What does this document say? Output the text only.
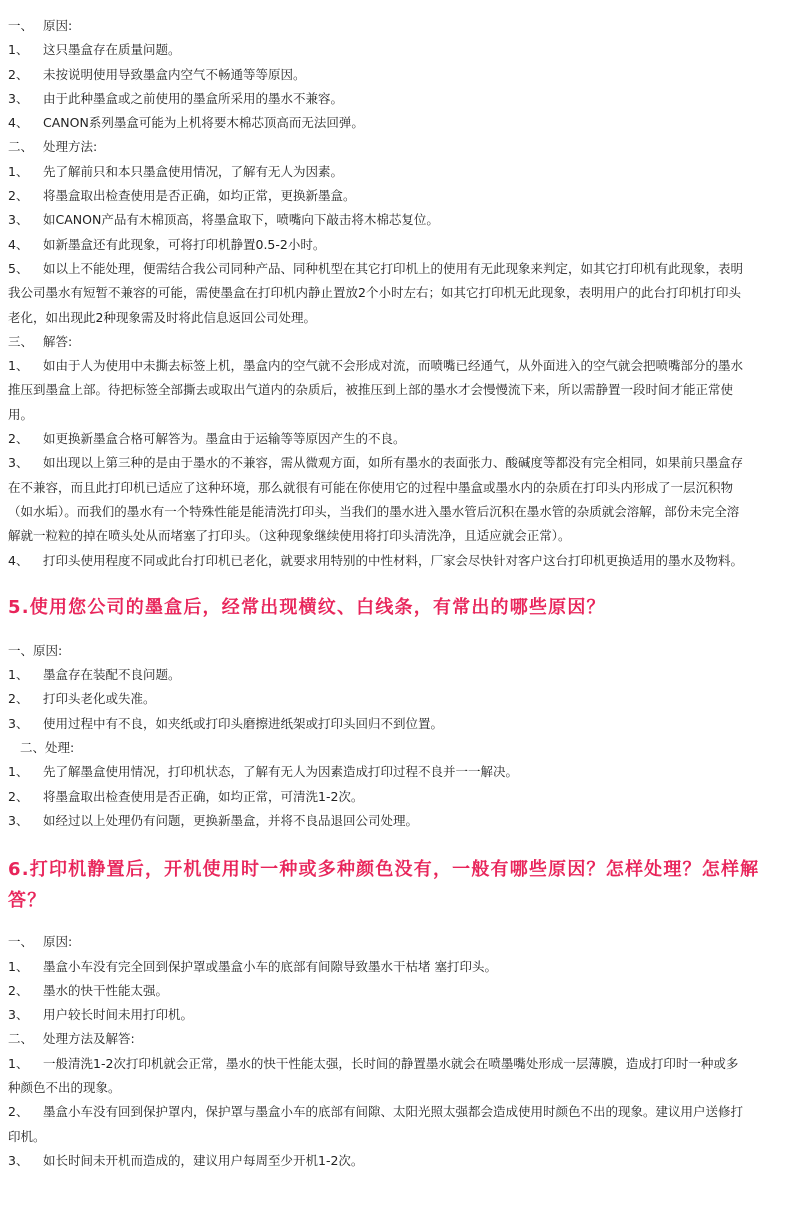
一、 原因:
1、	这只墨盒存在质量问题。
2、	未按说明使用导致墨盒内空气不畅通等等原因。
3、	由于此种墨盒或之前使用的墨盒所采用的墨水不兼容。
4、	CANON系列墨盒可能为上机将要木棉芯顶高而无法回弹。
二、 处理方法:
1、	先了解前只和本只墨盒使用情况，了解有无人为因素。
2、	将墨盒取出检查使用是否正确，如均正常，更换新墨盒。
3、	如CANON产品有木棉顶高，将墨盒取下，喷嘴向下敲击将木棉芯复位。
4、	如新墨盒还有此现象，可将打印机静置0.5-2小时。
5、	如以上不能处理，便需结合我公司同种产品、同种机型在其它打印机上的使用有无此现象来判定，如其它打印机有此现象，表明我公司墨水有短暂不兼容的可能，需使墨盒在打印机内静止置放2个小时左右；如其它打印机无此现象，表明用户的此台打印机打印头老化，如出现此2种现象需及时将此信息返回公司处理。
三、 解答:
1、	如由于人为使用中未撕去标签上机，墨盒内的空气就不会形成对流，而喷嘴已经通气，从外面进入的空气就会把喷嘴部分的墨水推压到墨盒上部。待把标签全部撕去或取出气道内的杂质后，被推压到上部的墨水才会慢慢流下来，所以需静置一段时间才能正常使用。
2、	如更换新墨盒合格可解答为。墨盒由于运输等等原因产生的不良。
3、	如出现以上第三种的是由于墨水的不兼容，需从微观方面，如所有墨水的表面张力、酸碱度等都没有完全相同，如果前只墨盒存在不兼容，而且此打印机已适应了这种环境，那么就很有可能在你使用它的过程中墨盒或墨水内的杂质在打印头内形成了一层沉积物（如水垢）。而我们的墨水有一个特殊性能是能清洗打印头，当我们的墨水进入墨水管后沉积在墨水管的杂质就会溶解，部份未完全溶解就一粒粒的掉在喷头处从而堵塞了打印头。（这种现象继续使用将打印头清洗净，且适应就会正常）。
4、	打印头使用程度不同或此台打印机已老化，就要求用特别的中性材料，厂家会尽快针对客户这台打印机更换适用的墨水及物料。
5.使用您公司的墨盒后，经常出现横纹、白线条，有常出的哪些原因？
一、原因:
1、	墨盒存在装配不良问题。
2、	打印头老化或失准。
3、	使用过程中有不良，如夹纸或打印头磨擦进纸架或打印头回归不到位置。
二、处理:
1、	先了解墨盒使用情况，打印机状态，了解有无人为因素造成打印过程不良并一一解决。
2、	将墨盒取出检查使用是否正确，如均正常，可清洗1-2次。
3、	如经过以上处理仍有问题，更换新墨盒，并将不良品退回公司处理。
6.打印机静置后，开机使用时一种或多种颜色没有，一般有哪些原因？怎样处理？怎样解答？
一、 原因:
1、	墨盒小车没有完全回到保护罩或墨盒小车的底部有间隙导致墨水干枯堵 塞打印头。
2、	墨水的快干性能太强。
3、	用户较长时间未用打印机。
二、 处理方法及解答:
1、	一般清洗1-2次打印机就会正常，墨水的快干性能太强，长时间的静置墨水就会在喷墨嘴处形成一层薄膜，造成打印时一种或多种颜色不出的现象。
2、	墨盒小车没有回到保护罩内，保护罩与墨盒小车的底部有间隙、太阳光照太强都会造成使用时颜色不出的现象。建议用户送修打印机。
3、	如长时间未开机而造成的，建议用户每周至少开机1-2次。
